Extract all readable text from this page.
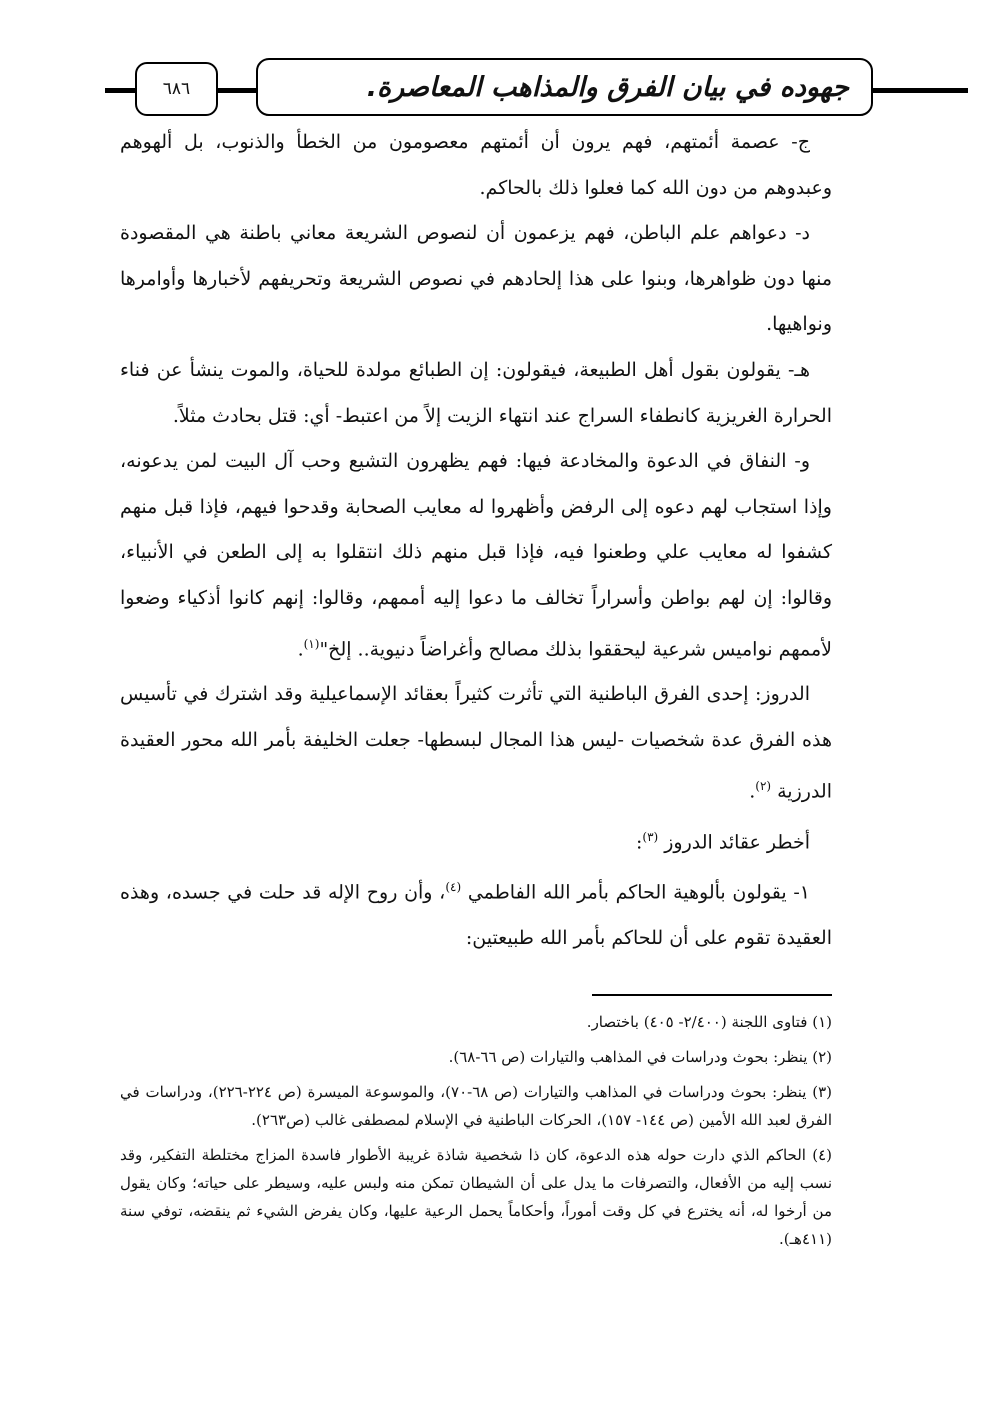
٦٨٦	جهوده في بيان الفرق والمذاهب المعاصرة.

ج- عصمة أئمتهم، فهم يرون أن أئمتهم معصومون من الخطأ والذنوب، بل ألهوهم وعبدوهم من دون الله كما فعلوا ذلك بالحاكم.

د- دعواهم علم الباطن، فهم يزعمون أن لنصوص الشريعة معاني باطنة هي المقصودة منها دون ظواهرها، وبنوا على هذا إلحادهم في نصوص الشريعة وتحريفهم لأخبارها وأوامرها ونواهيها.

هـ- يقولون بقول أهل الطبيعة، فيقولون: إن الطبائع مولدة للحياة، والموت ينشأ عن فناء الحرارة الغريزية كانطفاء السراج عند انتهاء الزيت إلاً من اعتبط- أي: قتل بحادث مثلاً.

و- النفاق في الدعوة والمخادعة فيها: فهم يظهرون التشيع وحب آل البيت لمن يدعونه، وإذا استجاب لهم دعوه إلى الرفض وأظهروا له معايب الصحابة وقدحوا فيهم، فإذا قبل منهم كشفوا له معايب علي وطعنوا فيه، فإذا قبل منهم ذلك انتقلوا به إلى الطعن في الأنبياء، وقالوا: إن لهم بواطن وأسراراً تخالف ما دعوا إليه أممهم، وقالوا: إنهم كانوا أذكياء وضعوا لأممهم نواميس شرعية ليحققوا بذلك مصالح وأغراضاً دنيوية.. إلخ"$^{(١)}$.

الدروز: إحدى الفرق الباطنية التي تأثرت كثيراً بعقائد الإسماعيلية وقد اشترك في تأسيس هذه الفرق عدة شخصيات -ليس هذا المجال لبسطها- جعلت الخليفة بأمر الله محور العقيدة الدرزية $^{(٢)}$.

أخطر عقائد الدروز $^{(٣)}$:

١- يقولون بألوهية الحاكم بأمر الله الفاطمي $^{(٤)}$، وأن روح الإله قد حلت في جسده، وهذه العقيدة تقوم على أن للحاكم بأمر الله طبيعتين:

(١) فتاوى اللجنة (٢/٤٠٠- ٤٠٥) باختصار.

(٢) ينظر: بحوث ودراسات في المذاهب والتيارات (ص ٦٦-٦٨).

(٣) ينظر: بحوث ودراسات في المذاهب والتيارات (ص ٦٨-٧٠)، والموسوعة الميسرة (ص ٢٢٤-٢٢٦)، ودراسات في الفرق لعبد الله الأمين (ص ١٤٤- ١٥٧)، الحركات الباطنية في الإسلام لمصطفى غالب (ص٢٦٣).

(٤) الحاكم الذي دارت حوله هذه الدعوة، كان ذا شخصية شاذة غريبة الأطوار فاسدة المزاج مختلطة التفكير، وقد نسب إليه من الأفعال، والتصرفات ما يدل على أن الشيطان تمكن منه ولبس عليه، وسيطر على حياته؛ وكان يقول من أرخوا له، أنه يخترع في كل وقت أموراً، وأحكاماً يحمل الرعية عليها، وكان يفرض الشيء ثم ينقضه، توفي سنة (٤١١هـ).
